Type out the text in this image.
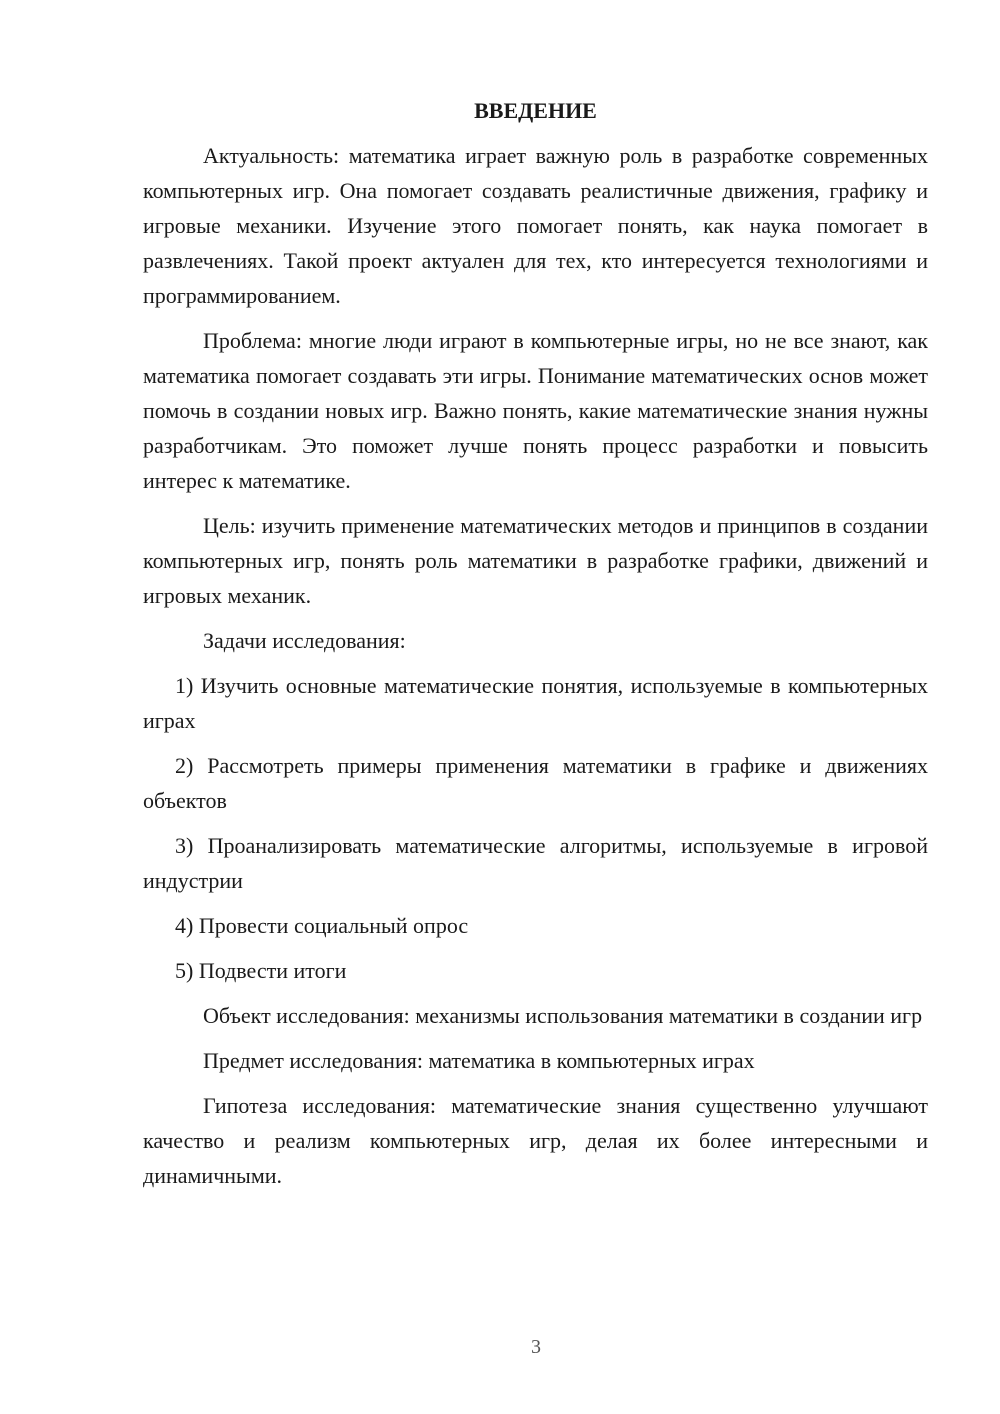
ВВЕДЕНИЕ

Актуальность: математика играет важную роль в разработке современных компьютерных игр. Она помогает создавать реалистичные движения, графику и игровые механики. Изучение этого помогает понять, как наука помогает в развлечениях. Такой проект актуален для тех, кто интересуется технологиями и программированием.

Проблема: многие люди играют в компьютерные игры, но не все знают, как математика помогает создавать эти игры. Понимание математических основ может помочь в создании новых игр. Важно понять, какие математические знания нужны разработчикам. Это поможет лучше понять процесс разработки и повысить интерес к математике.

Цель: изучить применение математических методов и принципов в создании компьютерных игр, понять роль математики в разработке графики, движений и игровых механик.

Задачи исследования:

1) Изучить основные математические понятия, используемые в компьютерных играх

2) Рассмотреть примеры применения математики в графике и движениях объектов

3) Проанализировать математические алгоритмы, используемые в игровой индустрии

4) Провести социальный опрос

5) Подвести итоги

Объект исследования: механизмы использования математики в создании игр

Предмет исследования: математика в компьютерных играх

Гипотеза исследования: математические знания существенно улучшают качество и реализм компьютерных игр, делая их более интересными и динамичными.

3
